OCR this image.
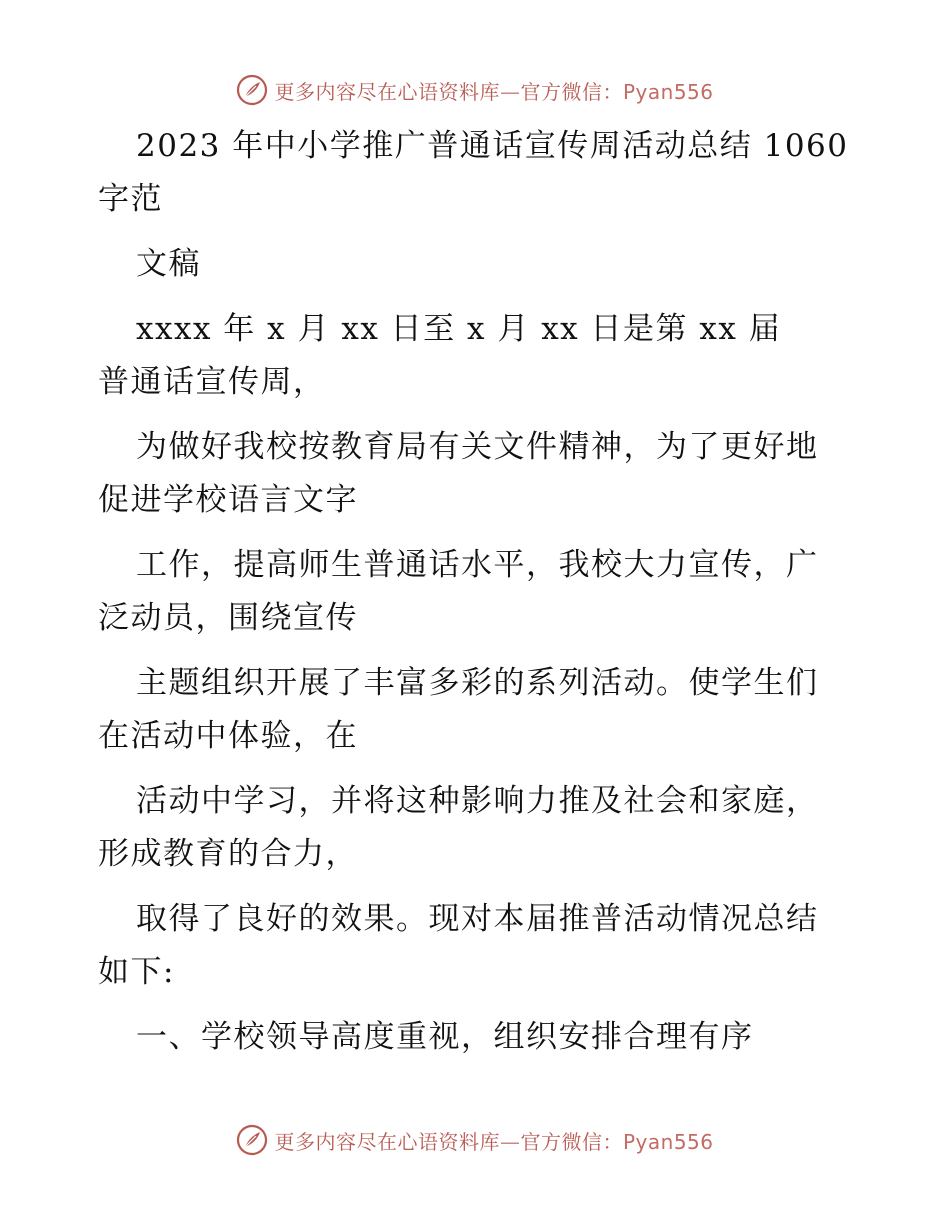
更多内容尽在心语资料库—官方微信：Pyan556

2023 年中小学推广普通话宣传周活动总结 1060
字范

文稿

xxxx 年 x 月 xx 日至 x 月 xx 日是第 xx 届
普通话宣传周，

为做好我校按教育局有关文件精神，为了更好地
促进学校语言文字

工作，提高师生普通话水平，我校大力宣传，广
泛动员，围绕宣传

主题组织开展了丰富多彩的系列活动。使学生们
在活动中体验，在

活动中学习，并将这种影响力推及社会和家庭，
形成教育的合力，

取得了良好的效果。现对本届推普活动情况总结
如下:

一、学校领导高度重视，组织安排合理有序

更多内容尽在心语资料库—官方微信：Pyan556
